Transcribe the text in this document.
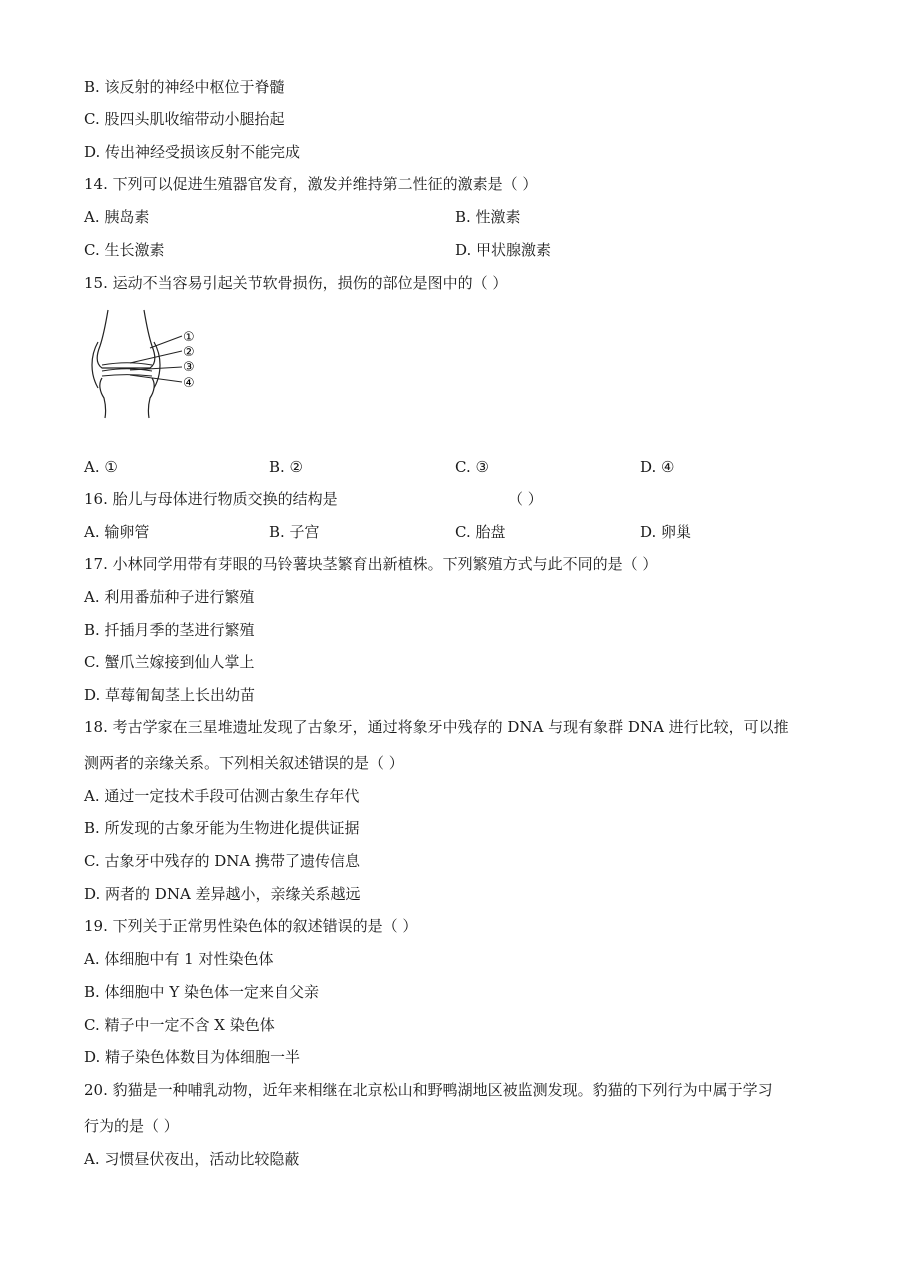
B. 该反射的神经中枢位于脊髓
C. 股四头肌收缩带动小腿抬起
D. 传出神经受损该反射不能完成
14. 下列可以促进生殖器官发育，激发并维持第二性征的激素是（ ）
A. 胰岛素	B. 性激素
C. 生长激素	D. 甲状腺激素
15. 运动不当容易引起关节软骨损伤，损伤的部位是图中的（ ）
①
②
③
④
A. ①	B. ②	C. ③	D. ④
16. 胎儿与母体进行物质交换的结构是	（ ）
A. 输卵管	B. 子宫	C. 胎盘	D. 卵巢
17. 小林同学用带有芽眼的马铃薯块茎繁育出新植株。下列繁殖方式与此不同的是（ ）
A. 利用番茄种子进行繁殖
B. 扦插月季的茎进行繁殖
C. 蟹爪兰嫁接到仙人掌上
D. 草莓匍匐茎上长出幼苗
18. 考古学家在三星堆遗址发现了古象牙，通过将象牙中残存的 DNA 与现有象群 DNA 进行比较，可以推
测两者的亲缘关系。下列相关叙述错误的是（ ）
A. 通过一定技术手段可估测古象生存年代
B. 所发现的古象牙能为生物进化提供证据
C. 古象牙中残存的 DNA 携带了遗传信息
D. 两者的 DNA 差异越小，亲缘关系越远
19. 下列关于正常男性染色体的叙述错误的是（ ）
A. 体细胞中有 1 对性染色体
B. 体细胞中 Y 染色体一定来自父亲
C. 精子中一定不含 X 染色体
D. 精子染色体数目为体细胞一半
20. 豹猫是一种哺乳动物，近年来相继在北京松山和野鸭湖地区被监测发现。豹猫的下列行为中属于学习
行为的是（ ）
A. 习惯昼伏夜出，活动比较隐蔽
